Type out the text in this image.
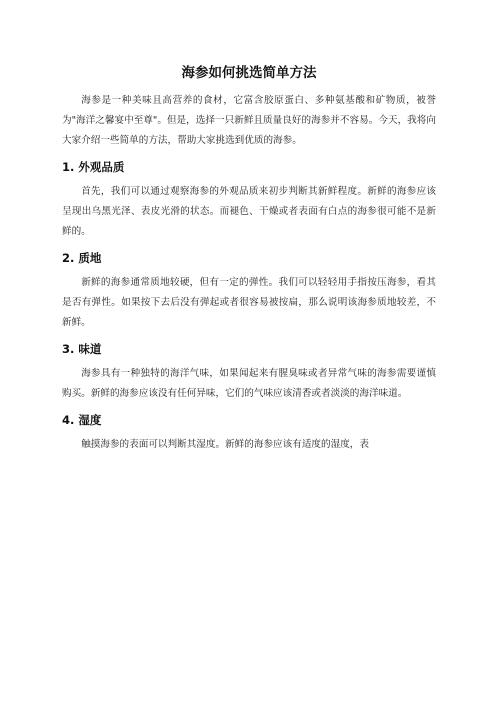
海参如何挑选简单方法

海参是一种美味且高营养的食材，它富含胶原蛋白、多种氨基酸和矿物质，被誉为"海洋之馨宴中至尊"。但是，选择一只新鲜且质量良好的海参并不容易。今天，我将向大家介绍一些简单的方法，帮助大家挑选到优质的海参。

1. 外观品质

首先，我们可以通过观察海参的外观品质来初步判断其新鲜程度。新鲜的海参应该呈现出乌黑光泽、表皮光滑的状态。而褪色、干燥或者表面有白点的海参很可能不是新鲜的。

2. 质地

新鲜的海参通常质地较硬，但有一定的弹性。我们可以轻轻用手指按压海参，看其是否有弹性。如果按下去后没有弹起或者很容易被按扁，那么说明该海参质地较差，不新鲜。

3. 味道

海参具有一种独特的海洋气味，如果闻起来有腥臭味或者异常气味的海参需要谨慎购买。新鲜的海参应该没有任何异味，它们的气味应该清香或者淡淡的海洋味道。

4. 湿度

触摸海参的表面可以判断其湿度。新鲜的海参应该有适度的湿度，表
